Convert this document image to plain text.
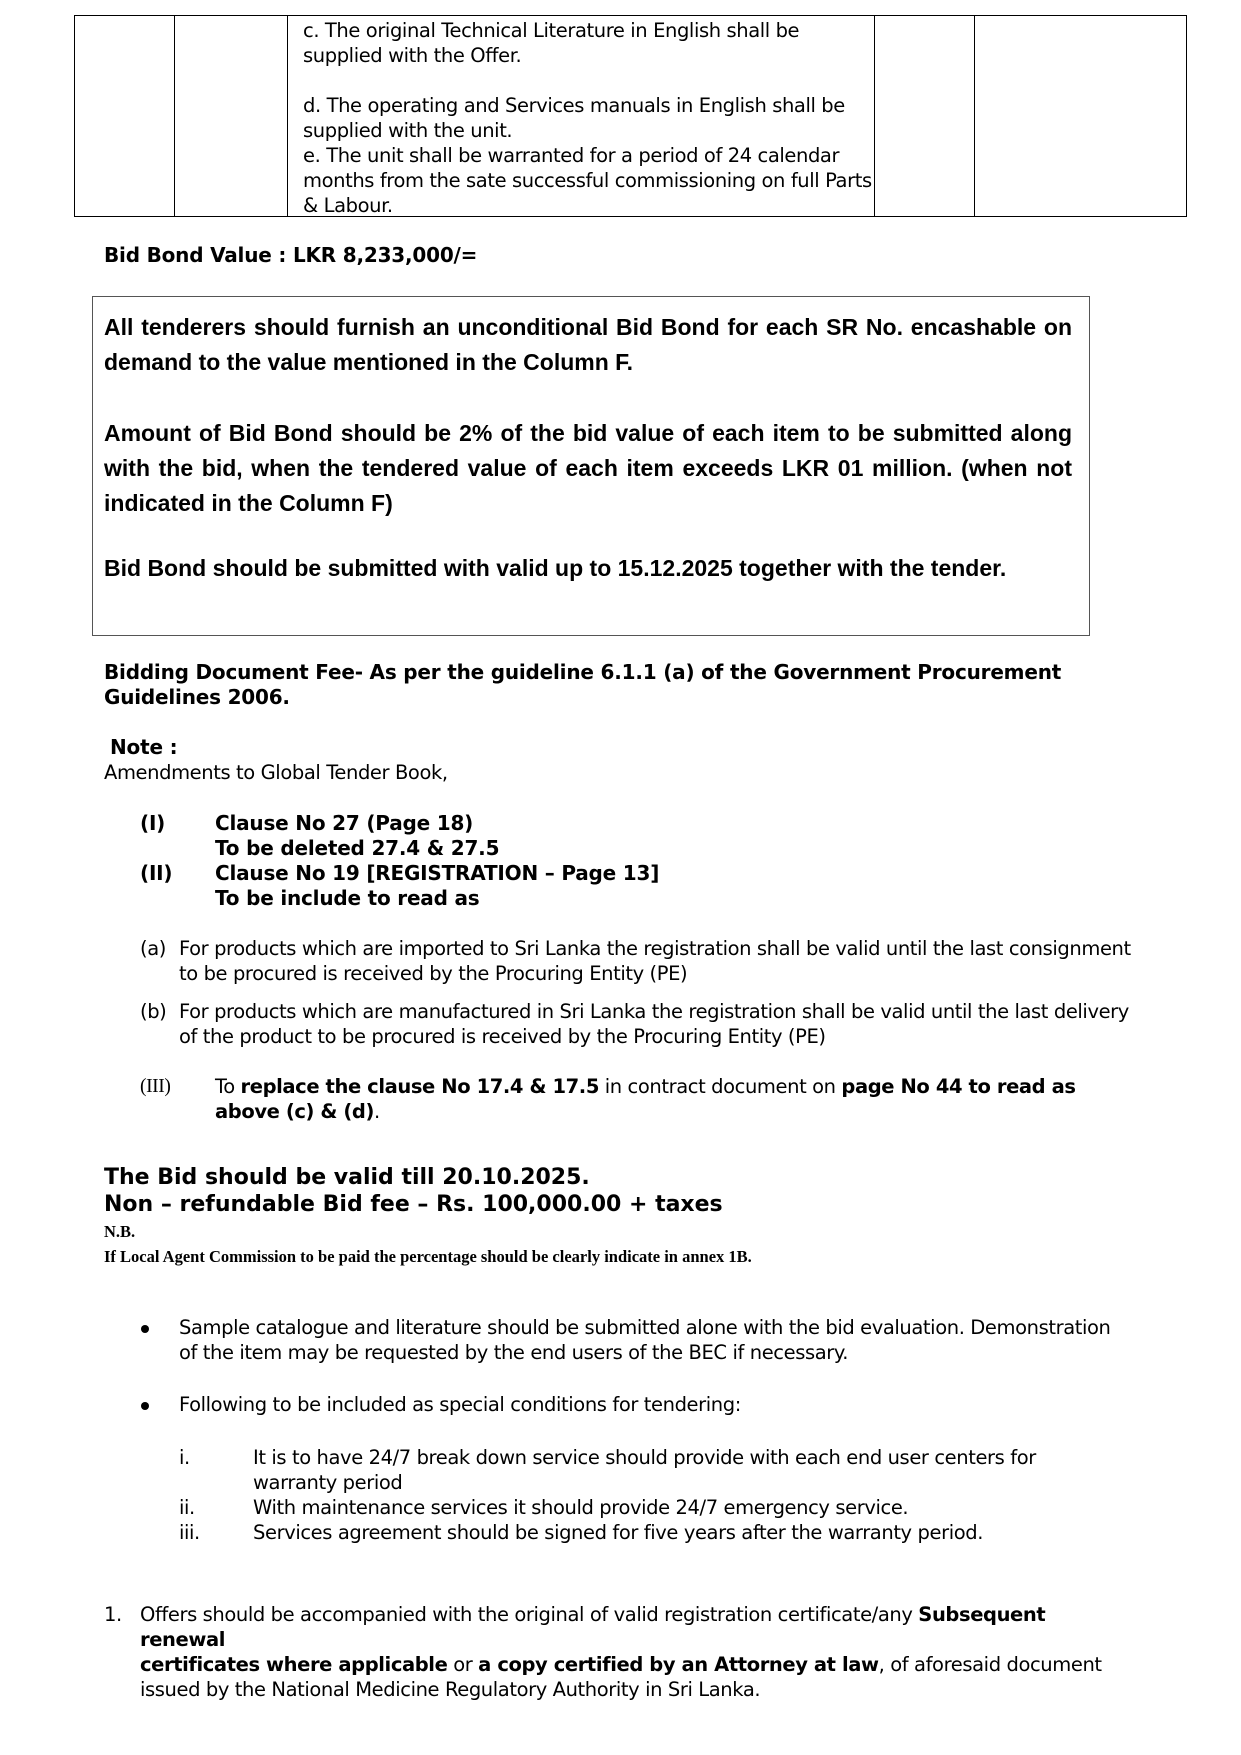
c. The original Technical Literature in English shall be
supplied with the Offer.
d. The operating and Services manuals in English shall be
supplied with the unit.
e. The unit shall be warranted for a period of 24 calendar
months from the sate successful commissioning on full Parts
& Labour.
Bid Bond Value : LKR 8,233,000/=
All tenderers should furnish an unconditional Bid Bond for each SR No. encashable on demand to the value mentioned in the Column F.
Amount of Bid Bond should be 2% of the bid value of each item to be submitted along with the bid, when the tendered value of each item exceeds LKR 01 million. (when not indicated in the Column F)
Bid Bond should be submitted with valid up to 15.12.2025 together with the tender.
Bidding Document Fee- As per the guideline 6.1.1 (a) of the Government Procurement
Guidelines 2006.
Note :
Amendments to Global Tender Book,
(I) Clause No 27 (Page 18)
To be deleted 27.4 & 27.5
(II) Clause No 19 [REGISTRATION – Page 13]
To be include to read as
(a) For products which are imported to Sri Lanka the registration shall be valid until the last consignment
to be procured is received by the Procuring Entity (PE)
(b) For products which are manufactured in Sri Lanka the registration shall be valid until the last delivery
of the product to be procured is received by the Procuring Entity (PE)
(III) To replace the clause No 17.4 & 17.5 in contract document on page No 44 to read as
above (c) & (d).
The Bid should be valid till 20.10.2025.
Non – refundable Bid fee – Rs. 100,000.00 + taxes
N.B.
If Local Agent Commission to be paid the percentage should be clearly indicate in annex 1B.
Sample catalogue and literature should be submitted alone with the bid evaluation. Demonstration
of the item may be requested by the end users of the BEC if necessary.
Following to be included as special conditions for tendering:
i.	It is to have 24/7 break down service should provide with each end user centers for
warranty period
ii.	With maintenance services it should provide 24/7 emergency service.
iii.	Services agreement should be signed for five years after the warranty period.
1. Offers should be accompanied with the original of valid registration certificate/any Subsequent renewal
certificates where applicable or a copy certified by an Attorney at law, of aforesaid document
issued by the National Medicine Regulatory Authority in Sri Lanka.
